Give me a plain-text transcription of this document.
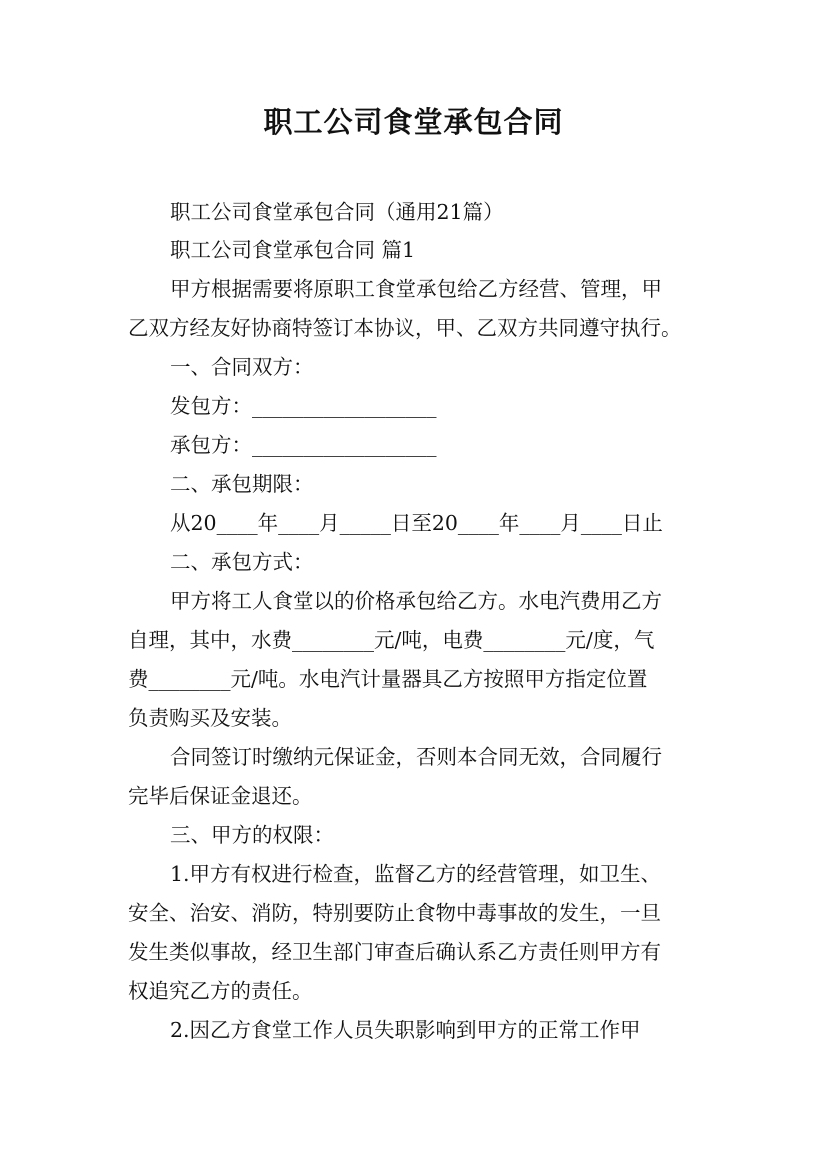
职工公司食堂承包合同
职工公司食堂承包合同（通用21篇）
职工公司食堂承包合同 篇1
甲方根据需要将原职工食堂承包给乙方经营、管理，甲
乙双方经友好协商特签订本协议，甲、乙双方共同遵守执行。
一、合同双方：
发包方：__________________
承包方：__________________
二、承包期限：
从20____年____月_____日至20____年____月____日止
二、承包方式：
甲方将工人食堂以的价格承包给乙方。水电汽费用乙方
自理，其中，水费________元/吨，电费________元/度，气
费________元/吨。水电汽计量器具乙方按照甲方指定位置
负责购买及安装。
合同签订时缴纳元保证金，否则本合同无效，合同履行
完毕后保证金退还。
三、甲方的权限：
1.甲方有权进行检查，监督乙方的经营管理，如卫生、
安全、治安、消防，特别要防止食物中毒事故的发生，一旦
发生类似事故，经卫生部门审查后确认系乙方责任则甲方有
权追究乙方的责任。
2.因乙方食堂工作人员失职影响到甲方的正常工作甲
